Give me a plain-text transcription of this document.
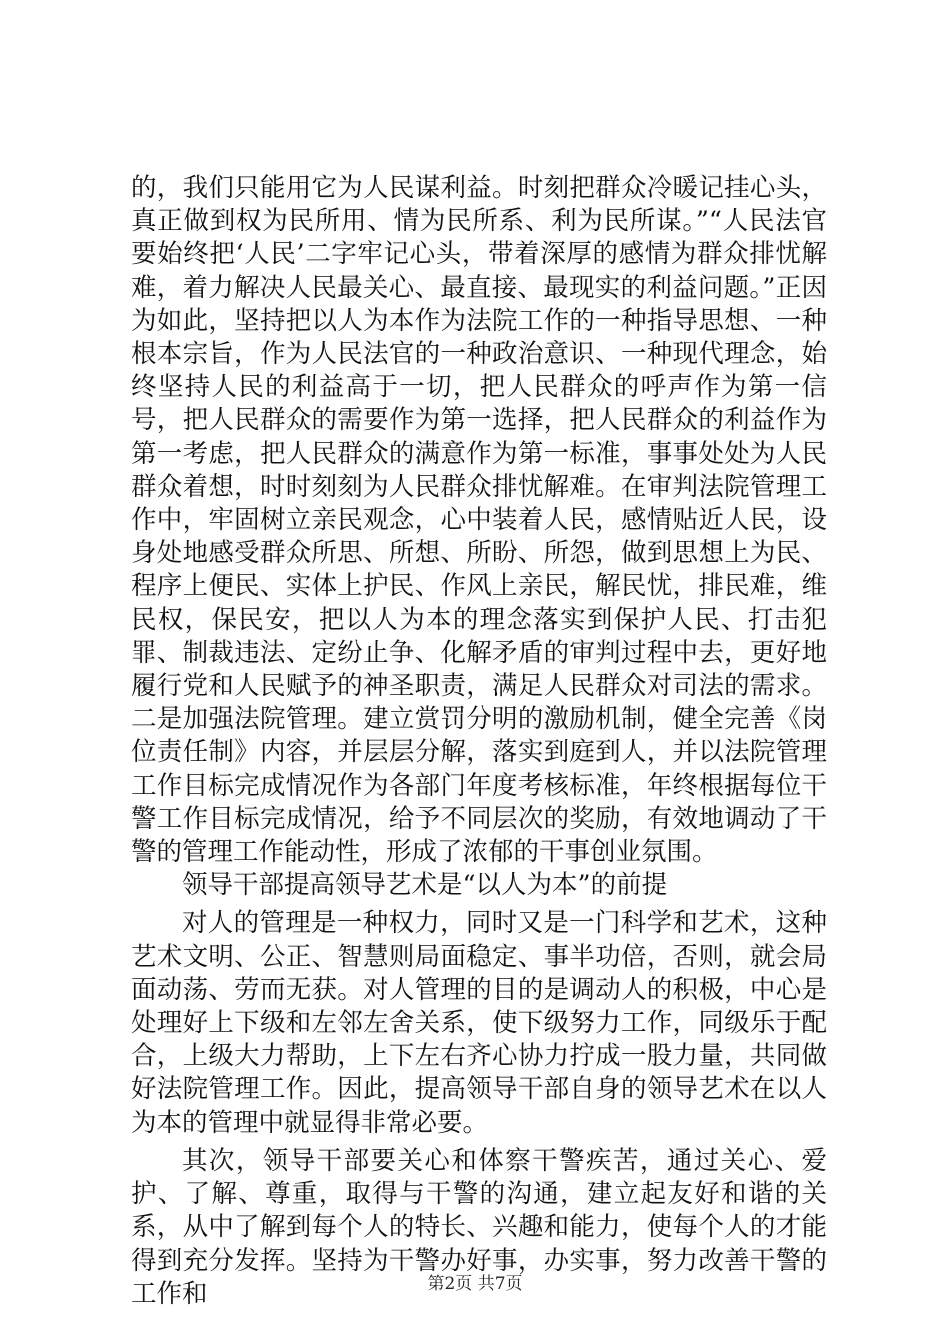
的，我们只能用它为人民谋利益。时刻把群众冷暖记挂心头，真正做到权为民所用、情为民所系、利为民所谋。”“人民法官要始终把‘人民’二字牢记心头，带着深厚的感情为群众排忧解难，着力解决人民最关心、最直接、最现实的利益问题。”正因为如此，坚持把以人为本作为法院工作的一种指导思想、一种根本宗旨，作为人民法官的一种政治意识、一种现代理念，始终坚持人民的利益高于一切，把人民群众的呼声作为第一信号，把人民群众的需要作为第一选择，把人民群众的利益作为第一考虑，把人民群众的满意作为第一标准，事事处处为人民群众着想，时时刻刻为人民群众排忧解难。在审判法院管理工作中，牢固树立亲民观念，心中装着人民，感情贴近人民，设身处地感受群众所思、所想、所盼、所怨，做到思想上为民、程序上便民、实体上护民、作风上亲民，解民忧，排民难，维民权，保民安，把以人为本的理念落实到保护人民、打击犯罪、制裁违法、定纷止争、化解矛盾的审判过程中去，更好地履行党和人民赋予的神圣职责，满足人民群众对司法的需求。二是加强法院管理。建立赏罚分明的激励机制，健全完善《岗位责任制》内容，并层层分解，落实到庭到人，并以法院管理工作目标完成情况作为各部门年度考核标准，年终根据每位干警工作目标完成情况，给予不同层次的奖励，有效地调动了干警的管理工作能动性，形成了浓郁的干事创业氛围。

领导干部提高领导艺术是“以人为本”的前提

对人的管理是一种权力，同时又是一门科学和艺术，这种艺术文明、公正、智慧则局面稳定、事半功倍，否则，就会局面动荡、劳而无获。对人管理的目的是调动人的积极，中心是处理好上下级和左邻左舍关系，使下级努力工作，同级乐于配合，上级大力帮助，上下左右齐心协力拧成一股力量，共同做好法院管理工作。因此，提高领导干部自身的领导艺术在以人为本的管理中就显得非常必要。

其次，领导干部要关心和体察干警疾苦，通过关心、爱护、了解、尊重，取得与干警的沟通，建立起友好和谐的关系，从中了解到每个人的特长、兴趣和能力，使每个人的才能得到充分发挥。坚持为干警办好事，办实事，努力改善干警的工作和	第2页 共7页
